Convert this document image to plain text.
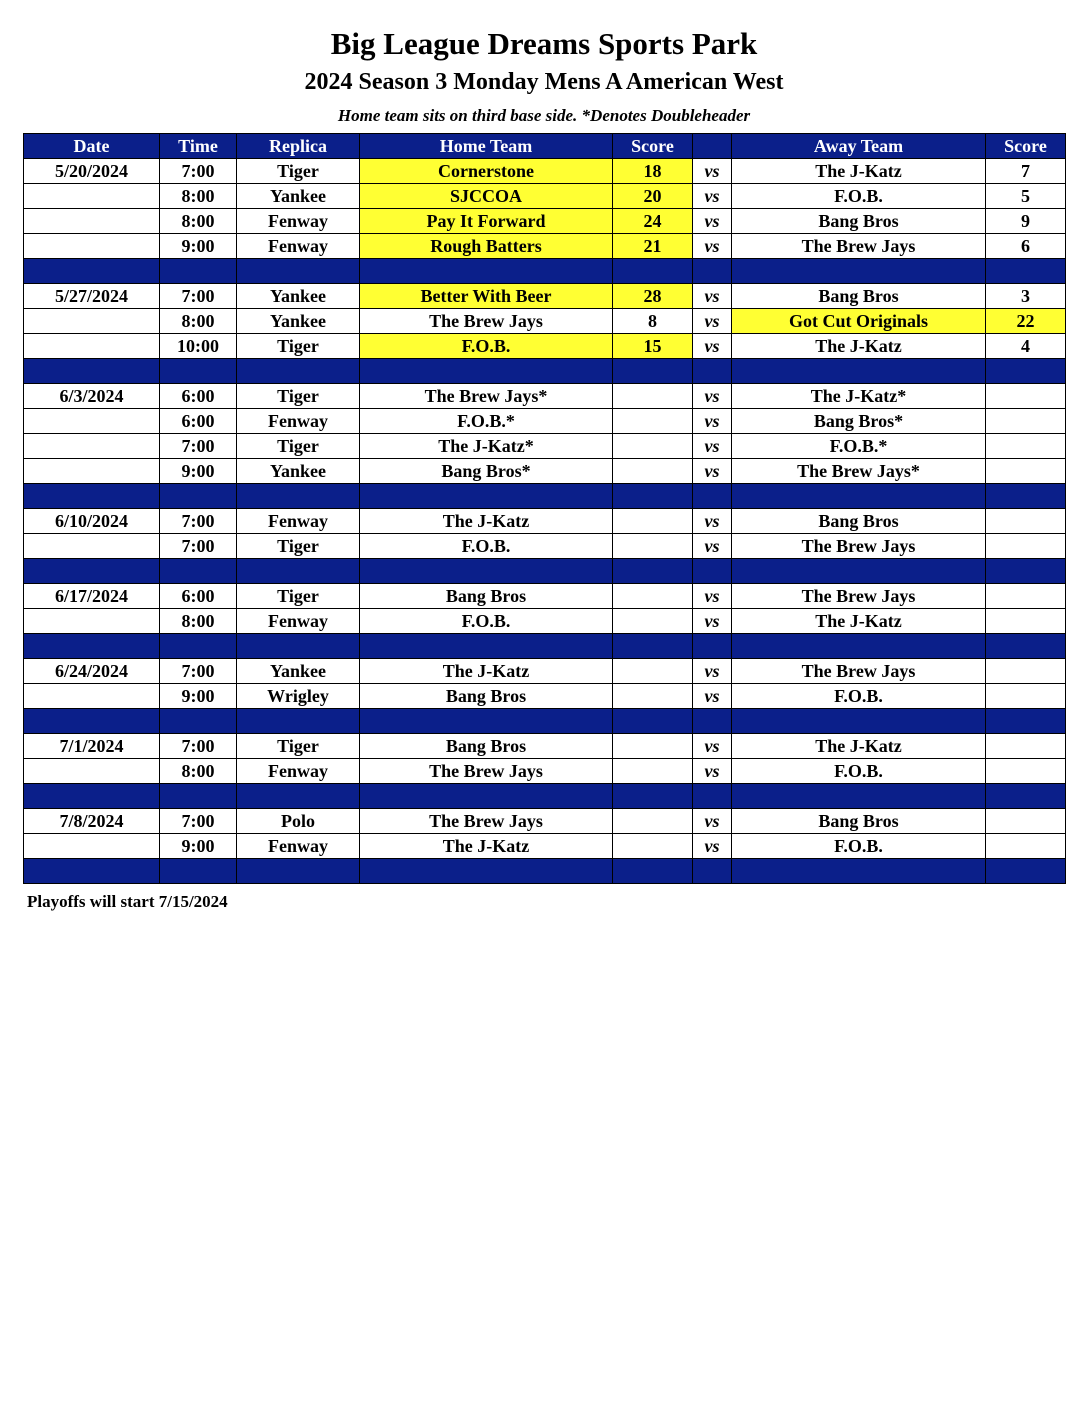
Big League Dreams Sports Park
2024 Season 3 Monday Mens A American West

Home team sits on third base side. *Denotes Doubleheader

Date	Time	Replica	Home Team	Score		Away Team	Score
5/20/2024	7:00	Tiger	Cornerstone	18	vs	The J-Katz	7
	8:00	Yankee	SJCCOA	20	vs	F.O.B.	5
	8:00	Fenway	Pay It Forward	24	vs	Bang Bros	9
	9:00	Fenway	Rough Batters	21	vs	The Brew Jays	6

5/27/2024	7:00	Yankee	Better With Beer	28	vs	Bang Bros	3
	8:00	Yankee	The Brew Jays	8	vs	Got Cut Originals	22
	10:00	Tiger	F.O.B.	15	vs	The J-Katz	4

6/3/2024	6:00	Tiger	The Brew Jays*		vs	The J-Katz*	
	6:00	Fenway	F.O.B.*		vs	Bang Bros*	
	7:00	Tiger	The J-Katz*		vs	F.O.B.*	
	9:00	Yankee	Bang Bros*		vs	The Brew Jays*	

6/10/2024	7:00	Fenway	The J-Katz		vs	Bang Bros	
	7:00	Tiger	F.O.B.		vs	The Brew Jays	

6/17/2024	6:00	Tiger	Bang Bros		vs	The Brew Jays	
	8:00	Fenway	F.O.B.		vs	The J-Katz	

6/24/2024	7:00	Yankee	The J-Katz		vs	The Brew Jays	
	9:00	Wrigley	Bang Bros		vs	F.O.B.	

7/1/2024	7:00	Tiger	Bang Bros		vs	The J-Katz	
	8:00	Fenway	The Brew Jays		vs	F.O.B.	

7/8/2024	7:00	Polo	The Brew Jays		vs	Bang Bros	
	9:00	Fenway	The J-Katz		vs	F.O.B.	

Playoffs will start 7/15/2024
